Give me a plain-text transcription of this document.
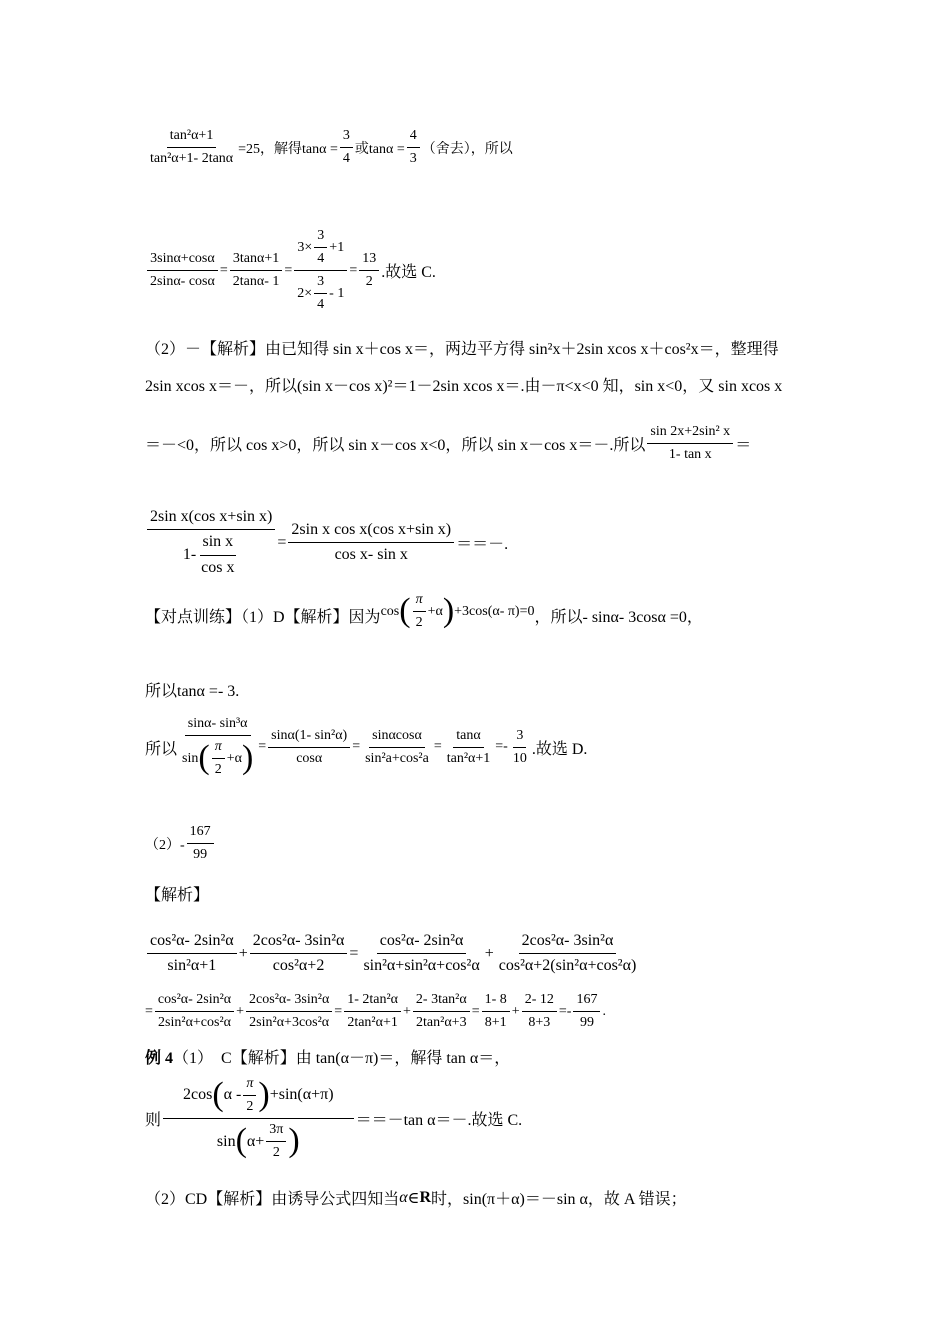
$\frac{\text{tan²α+1}}{\text{tan²α+1- 2tanα}} =25$，解得$\tan\alpha = \frac{3}{4}$ 或$\tan\alpha = \frac{4}{3}$ （舍去），所以
$\frac{3\sin\alpha+\cos\alpha}{2\sin\alpha- \cos\alpha} = \frac{3\tan\alpha+1}{2\tan\alpha- 1} = \frac{3\times \frac{3}{4} +1}{2\times \frac{3}{4} - 1} = \frac{13}{2}$ .故选 C.
（2）－【解析】由已知得 sin x＋cos x＝，两边平方得 sin²x＋2sin xcos x＋cos²x＝，整理得
2sin xcos x＝－，所以(sin x－cos x)²＝1－2sin xcos x＝.由－π<x<0 知，sin x<0，又 sin xcos x
＝－<0，所以 cos x>0，所以 sin x－cos x<0，所以 sin x－cos x＝－.所以 $\frac{\text{sin 2x+2sin² x}}{\text{1- tan x}}$ ＝
$\frac{\text{2sin x(cos x+sin x)}}{1- \frac{\text{sin x}}{\text{cos x}}} = \frac{\text{2sin x cos x(cos x+sin x)}}{\text{cos x- sin x}}$ ＝＝－.
【对点训练】（1）D【解析】因为 cos ( $\frac{\pi}{2} +\alpha$ ) +3cos(α- π)=0 ，所以- sinα- 3cosα =0，
所以tanα =- 3.
所以 $\frac{\text{sinα- sin³α}}{\sin ( \frac{\pi}{2} +\alpha )} = \frac{\text{sinα(1- sin²α)}}{\cos\alpha} = \frac{\sin\alpha\cos\alpha}{\text{sin²a+cos²a}} = \frac{\tan\alpha}{\text{tan²α+1}} =- \frac{3}{10}$ .故选 D.
$(2)- \frac{167}{99}$
【解析】
$\frac{\text{cos²α- 2sin²α}}{\text{sin²α+1}} + \frac{\text{2cos²α- 3sin²α}}{\text{cos²α+2}} = \frac{\text{cos²α- 2sin²α}}{\text{sin²α+sin²α+cos²α}} + \frac{\text{2cos²α- 3sin²α}}{\text{cos²α+2(sin²α+cos²α)}}$
= $\frac{\text{cos²α- 2sin²α}}{\text{2sin²α+cos²α}} + \frac{\text{2cos²α- 3sin²α}}{\text{2sin²α+3cos²α}} = \frac{\text{1- 2tan²α}}{\text{2tan²α+1}} + \frac{\text{2- 3tan²α}}{\text{2tan²α+3}} = \frac{1- 8}{8+1} + \frac{2- 12}{8+3} =- \frac{167}{99}$ .
例 4 （1）　C【解析】由 tan(α－π)＝，解得 tan α＝，
则
2cos ( α - $\frac{\pi}{2}$ ) +sin(α+π)
sin ( $\alpha+ \frac{3\pi}{2}$ )
＝＝－tan α＝－.故选 C.
（2）CD【解析】由诱导公式四知当 α ∈ R 时，sin(π＋α)＝－sin α，故 A 错误；
